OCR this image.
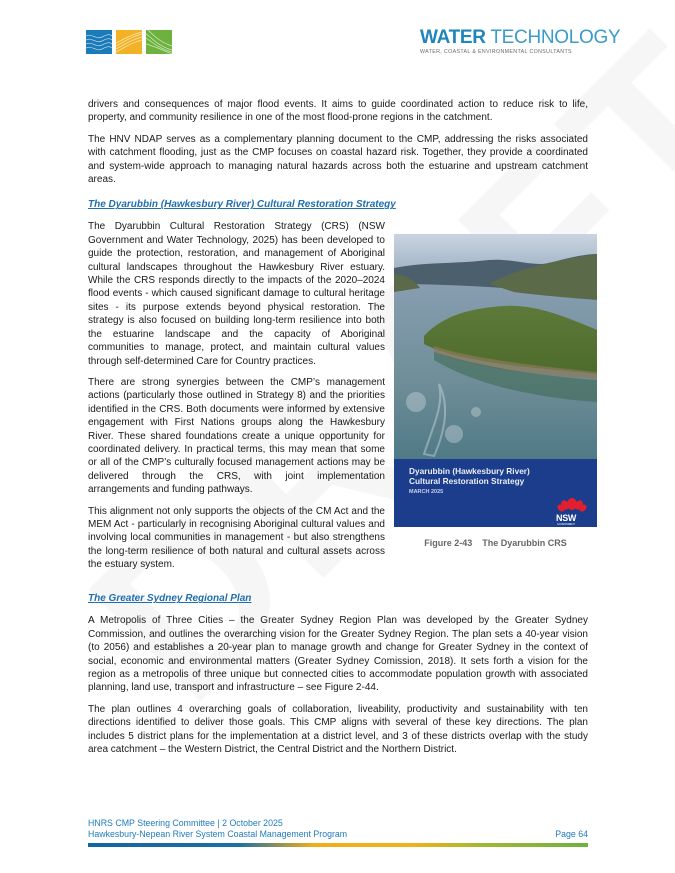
WATER TECHNOLOGY
WATER, COASTAL & ENVIRONMENTAL CONSULTANTS

drivers and consequences of major flood events. It aims to guide coordinated action to reduce risk to life, property, and community resilience in one of the most flood-prone regions in the catchment.

The HNV NDAP serves as a complementary planning document to the CMP, addressing the risks associated with catchment flooding, just as the CMP focuses on coastal hazard risk. Together, they provide a coordinated and system-wide approach to managing natural hazards across both the estuarine and upstream catchment areas.

The Dyarubbin (Hawkesbury River) Cultural Restoration Strategy

The Dyarubbin Cultural Restoration Strategy (CRS) (NSW Government and Water Technology, 2025) has been developed to guide the protection, restoration, and management of Aboriginal cultural landscapes throughout the Hawkesbury River estuary. While the CRS responds directly to the impacts of the 2020–2024 flood events - which caused significant damage to cultural heritage sites - its purpose extends beyond physical restoration. The strategy is also focused on building long-term resilience into both the estuarine landscape and the capacity of Aboriginal communities to manage, protect, and maintain cultural values through self-determined Care for Country practices.

There are strong synergies between the CMP’s management actions (particularly those outlined in Strategy 8) and the priorities identified in the CRS. Both documents were informed by extensive engagement with First Nations groups along the Hawkesbury River. These shared foundations create a unique opportunity for coordinated delivery. In practical terms, this may mean that some or all of the CMP’s culturally focused management actions may be delivered through the CRS, with joint implementation arrangements and funding pathways.

This alignment not only supports the objects of the CM Act and the MEM Act - particularly in recognising Aboriginal cultural values and involving local communities in management - but also strengthens the long-term resilience of both natural and cultural assets across the estuary system.

Dyarubbin (Hawkesbury River) Cultural Restoration Strategy
MARCH 2025
NSW
GOVERNMENT
Figure 2-43 The Dyarubbin CRS
The Greater Sydney Regional Plan

A Metropolis of Three Cities – the Greater Sydney Region Plan was developed by the Greater Sydney Commission, and outlines the overarching vision for the Greater Sydney Region. The plan sets a 40-year vision (to 2056) and establishes a 20-year plan to manage growth and change for Greater Sydney in the context of social, economic and environmental matters (Greater Sydney Comission, 2018). It sets forth a vision for the region as a metropolis of three unique but connected cities to accommodate population growth with associated planning, land use, transport and infrastructure – see Figure 2-44.

The plan outlines 4 overarching goals of collaboration, liveability, productivity and sustainability with ten directions identified to deliver those goals. This CMP aligns with several of these key directions. The plan includes 5 district plans for the implementation at a district level, and 3 of these districts overlap with the study area catchment – the Western District, the Central District and the Northern District.

HNRS CMP Steering Committee | 2 October 2025
Hawkesbury-Nepean River System Coastal Management Program	Page 64
